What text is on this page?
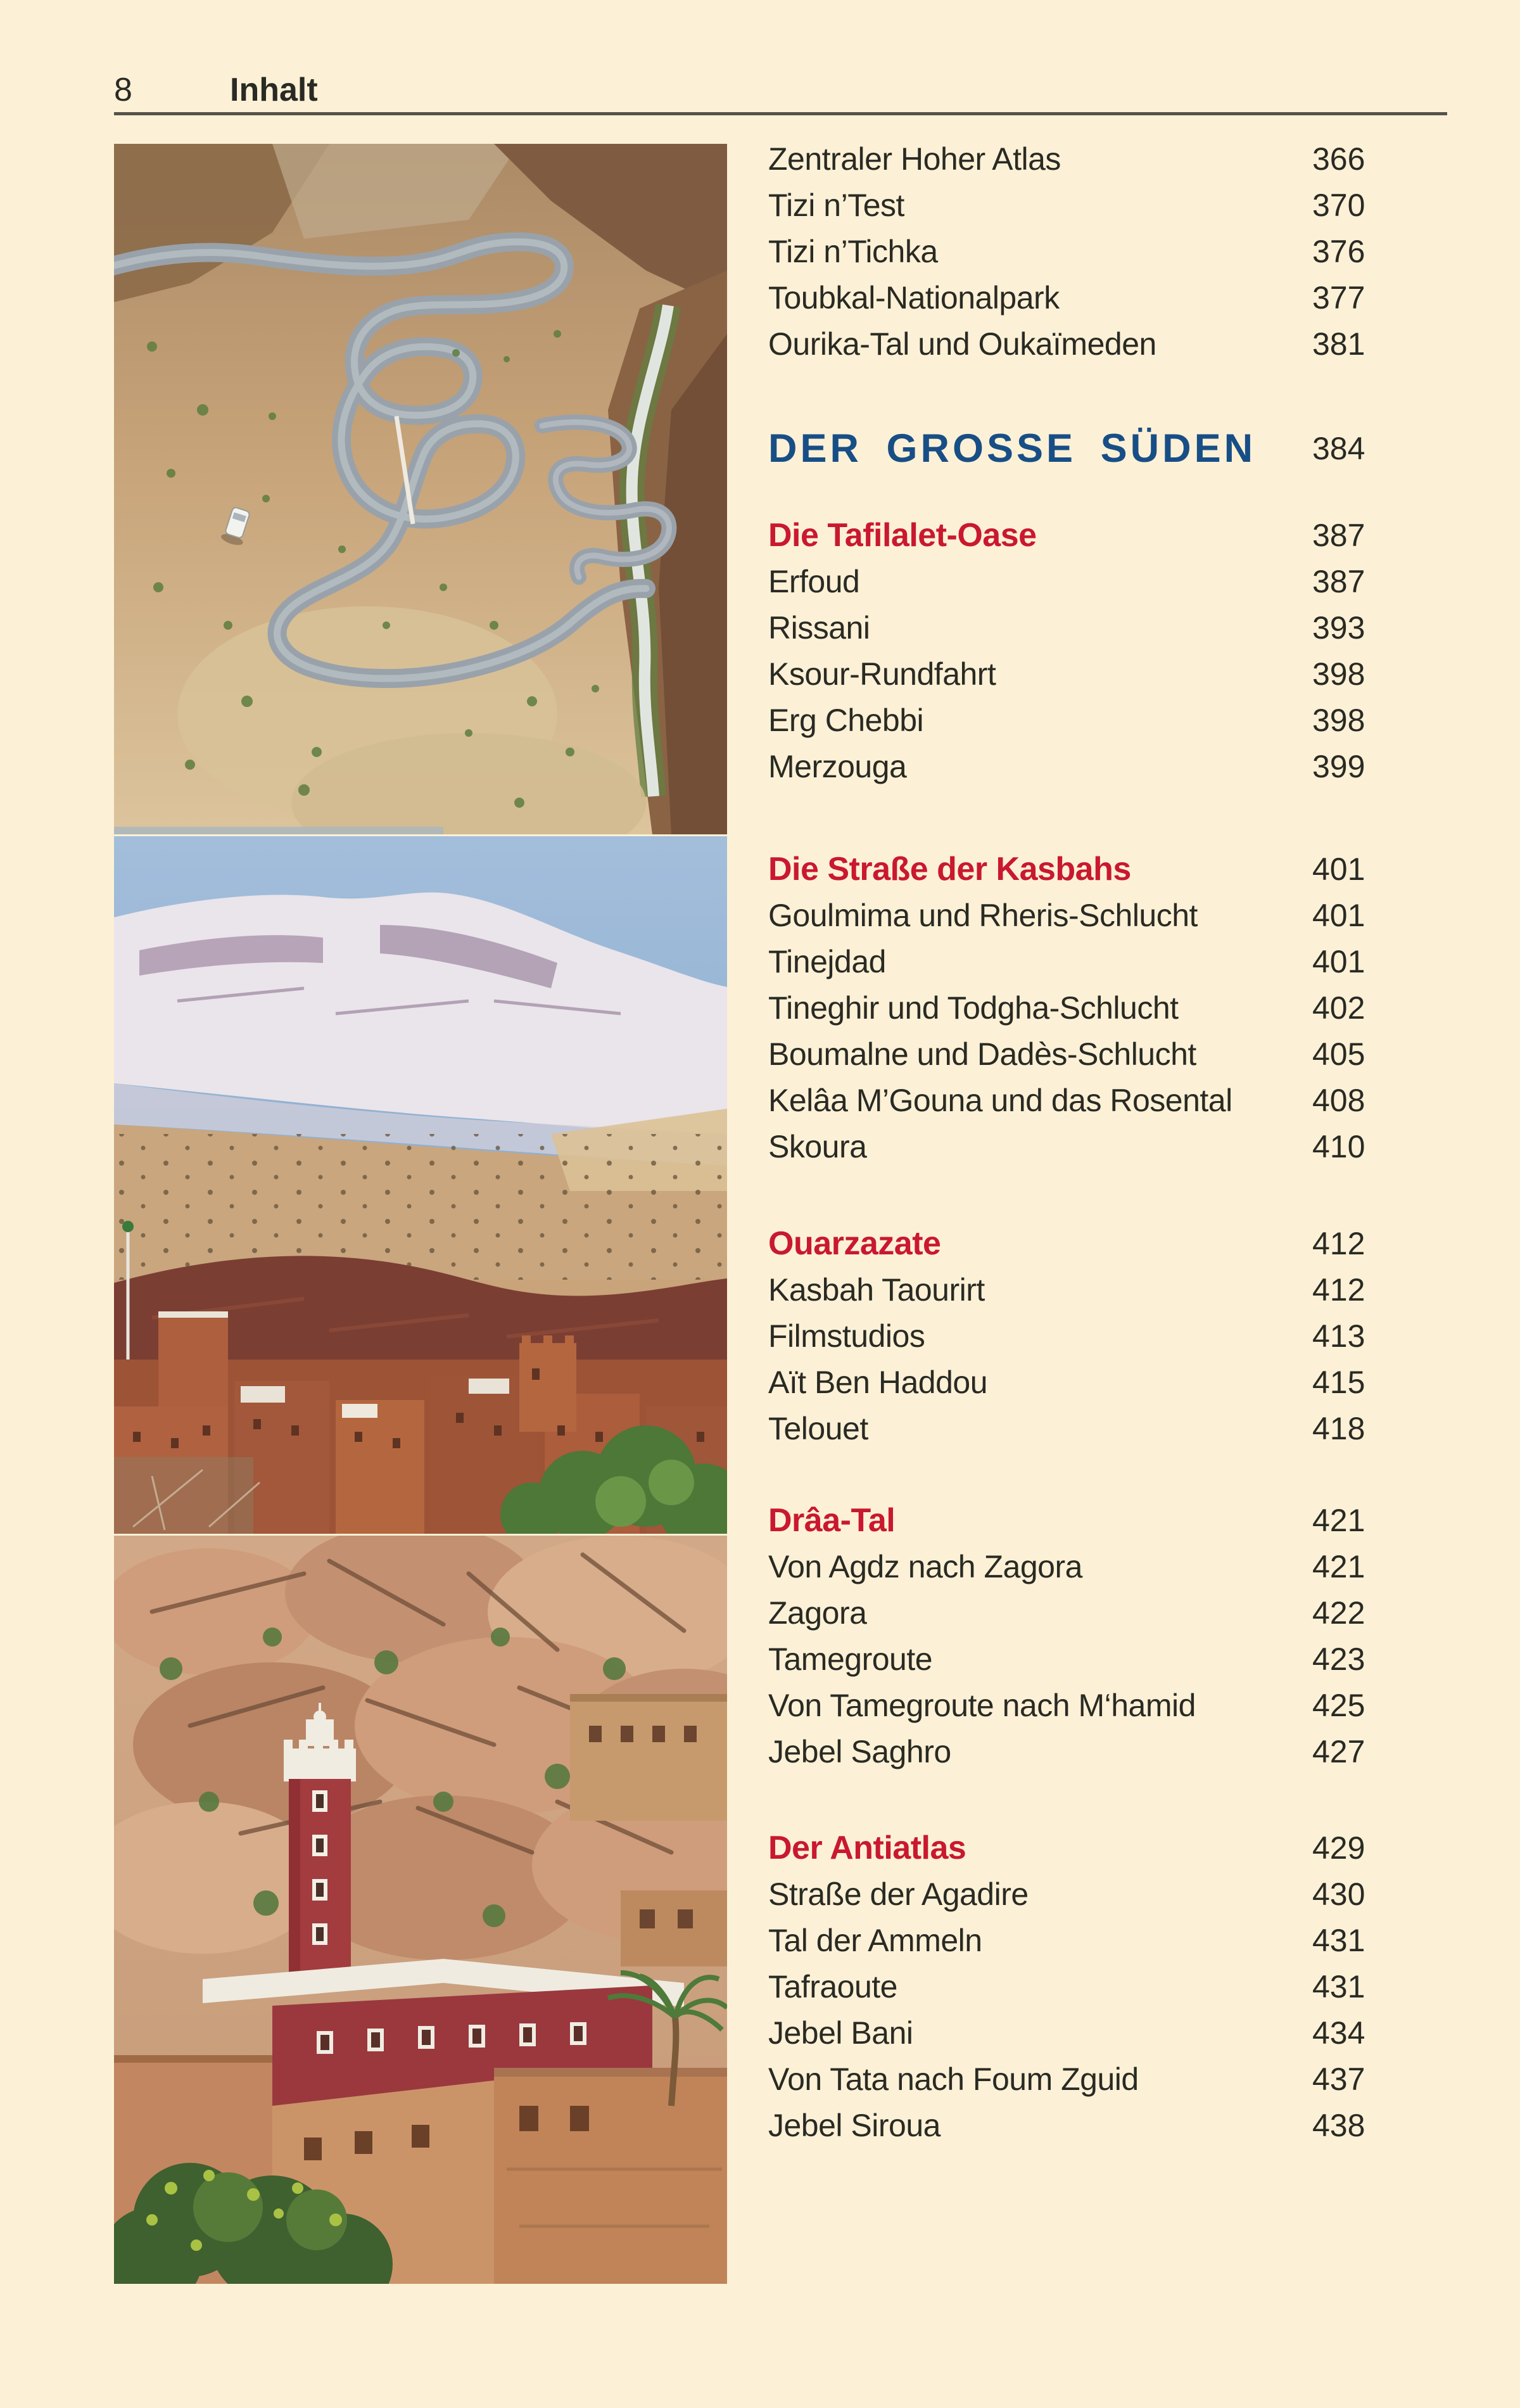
8	Inhalt
Zentraler Hoher Atlas	366
Tizi n’Test	370
Tizi n’Tichka	376
Toubkal-Nationalpark	377
Ourika-Tal und Oukaïmeden	381
DER GROSSE SÜDEN 384
Die Tafilalet-Oase	387
Erfoud	387
Rissani	393
Ksour-Rundfahrt	398
Erg Chebbi	398
Merzouga	399
Die Straße der Kasbahs	401
Goulmima und Rheris-Schlucht	401
Tinejdad	401
Tineghir und Todgha-Schlucht	402
Boumalne und Dadès-Schlucht	405
Kelâa M’Gouna und das Rosental	408
Skoura	410
Ouarzazate	412
Kasbah Taourirt	412
Filmstudios	413
Aït Ben Haddou	415
Telouet	418
Drâa-Tal	421
Von Agdz nach Zagora	421
Zagora	422
Tamegroute	423
Von Tamegroute nach M‘hamid	425
Jebel Saghro	427
Der Antiatlas	429
Straße der Agadire	430
Tal der Ammeln	431
Tafraoute	431
Jebel Bani	434
Von Tata nach Foum Zguid	437
Jebel Siroua	438
